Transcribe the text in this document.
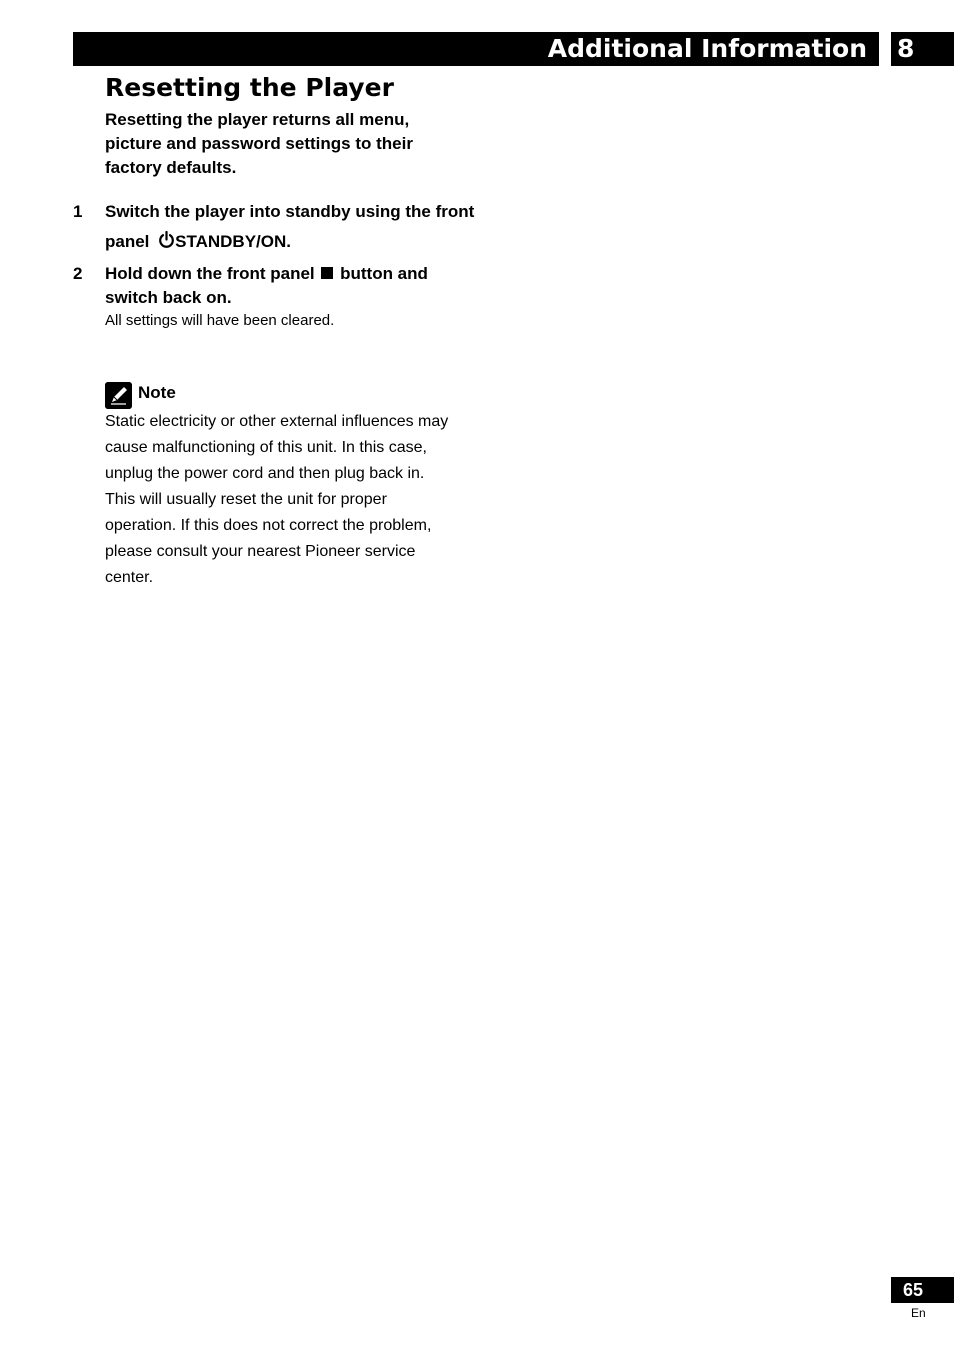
Additional Information 8
Resetting the Player

Resetting the player returns all menu, picture and password settings to their factory defaults.

1 Switch the player into standby using the front panel STANDBY/ON.
2 Hold down the front panel  button and switch back on.

All settings will have been cleared.

Note

Static electricity or other external influences may cause malfunctioning of this unit. In this case, unplug the power cord and then plug back in. This will usually reset the unit for proper operation. If this does not correct the problem, please consult your nearest Pioneer service center.

65
En
